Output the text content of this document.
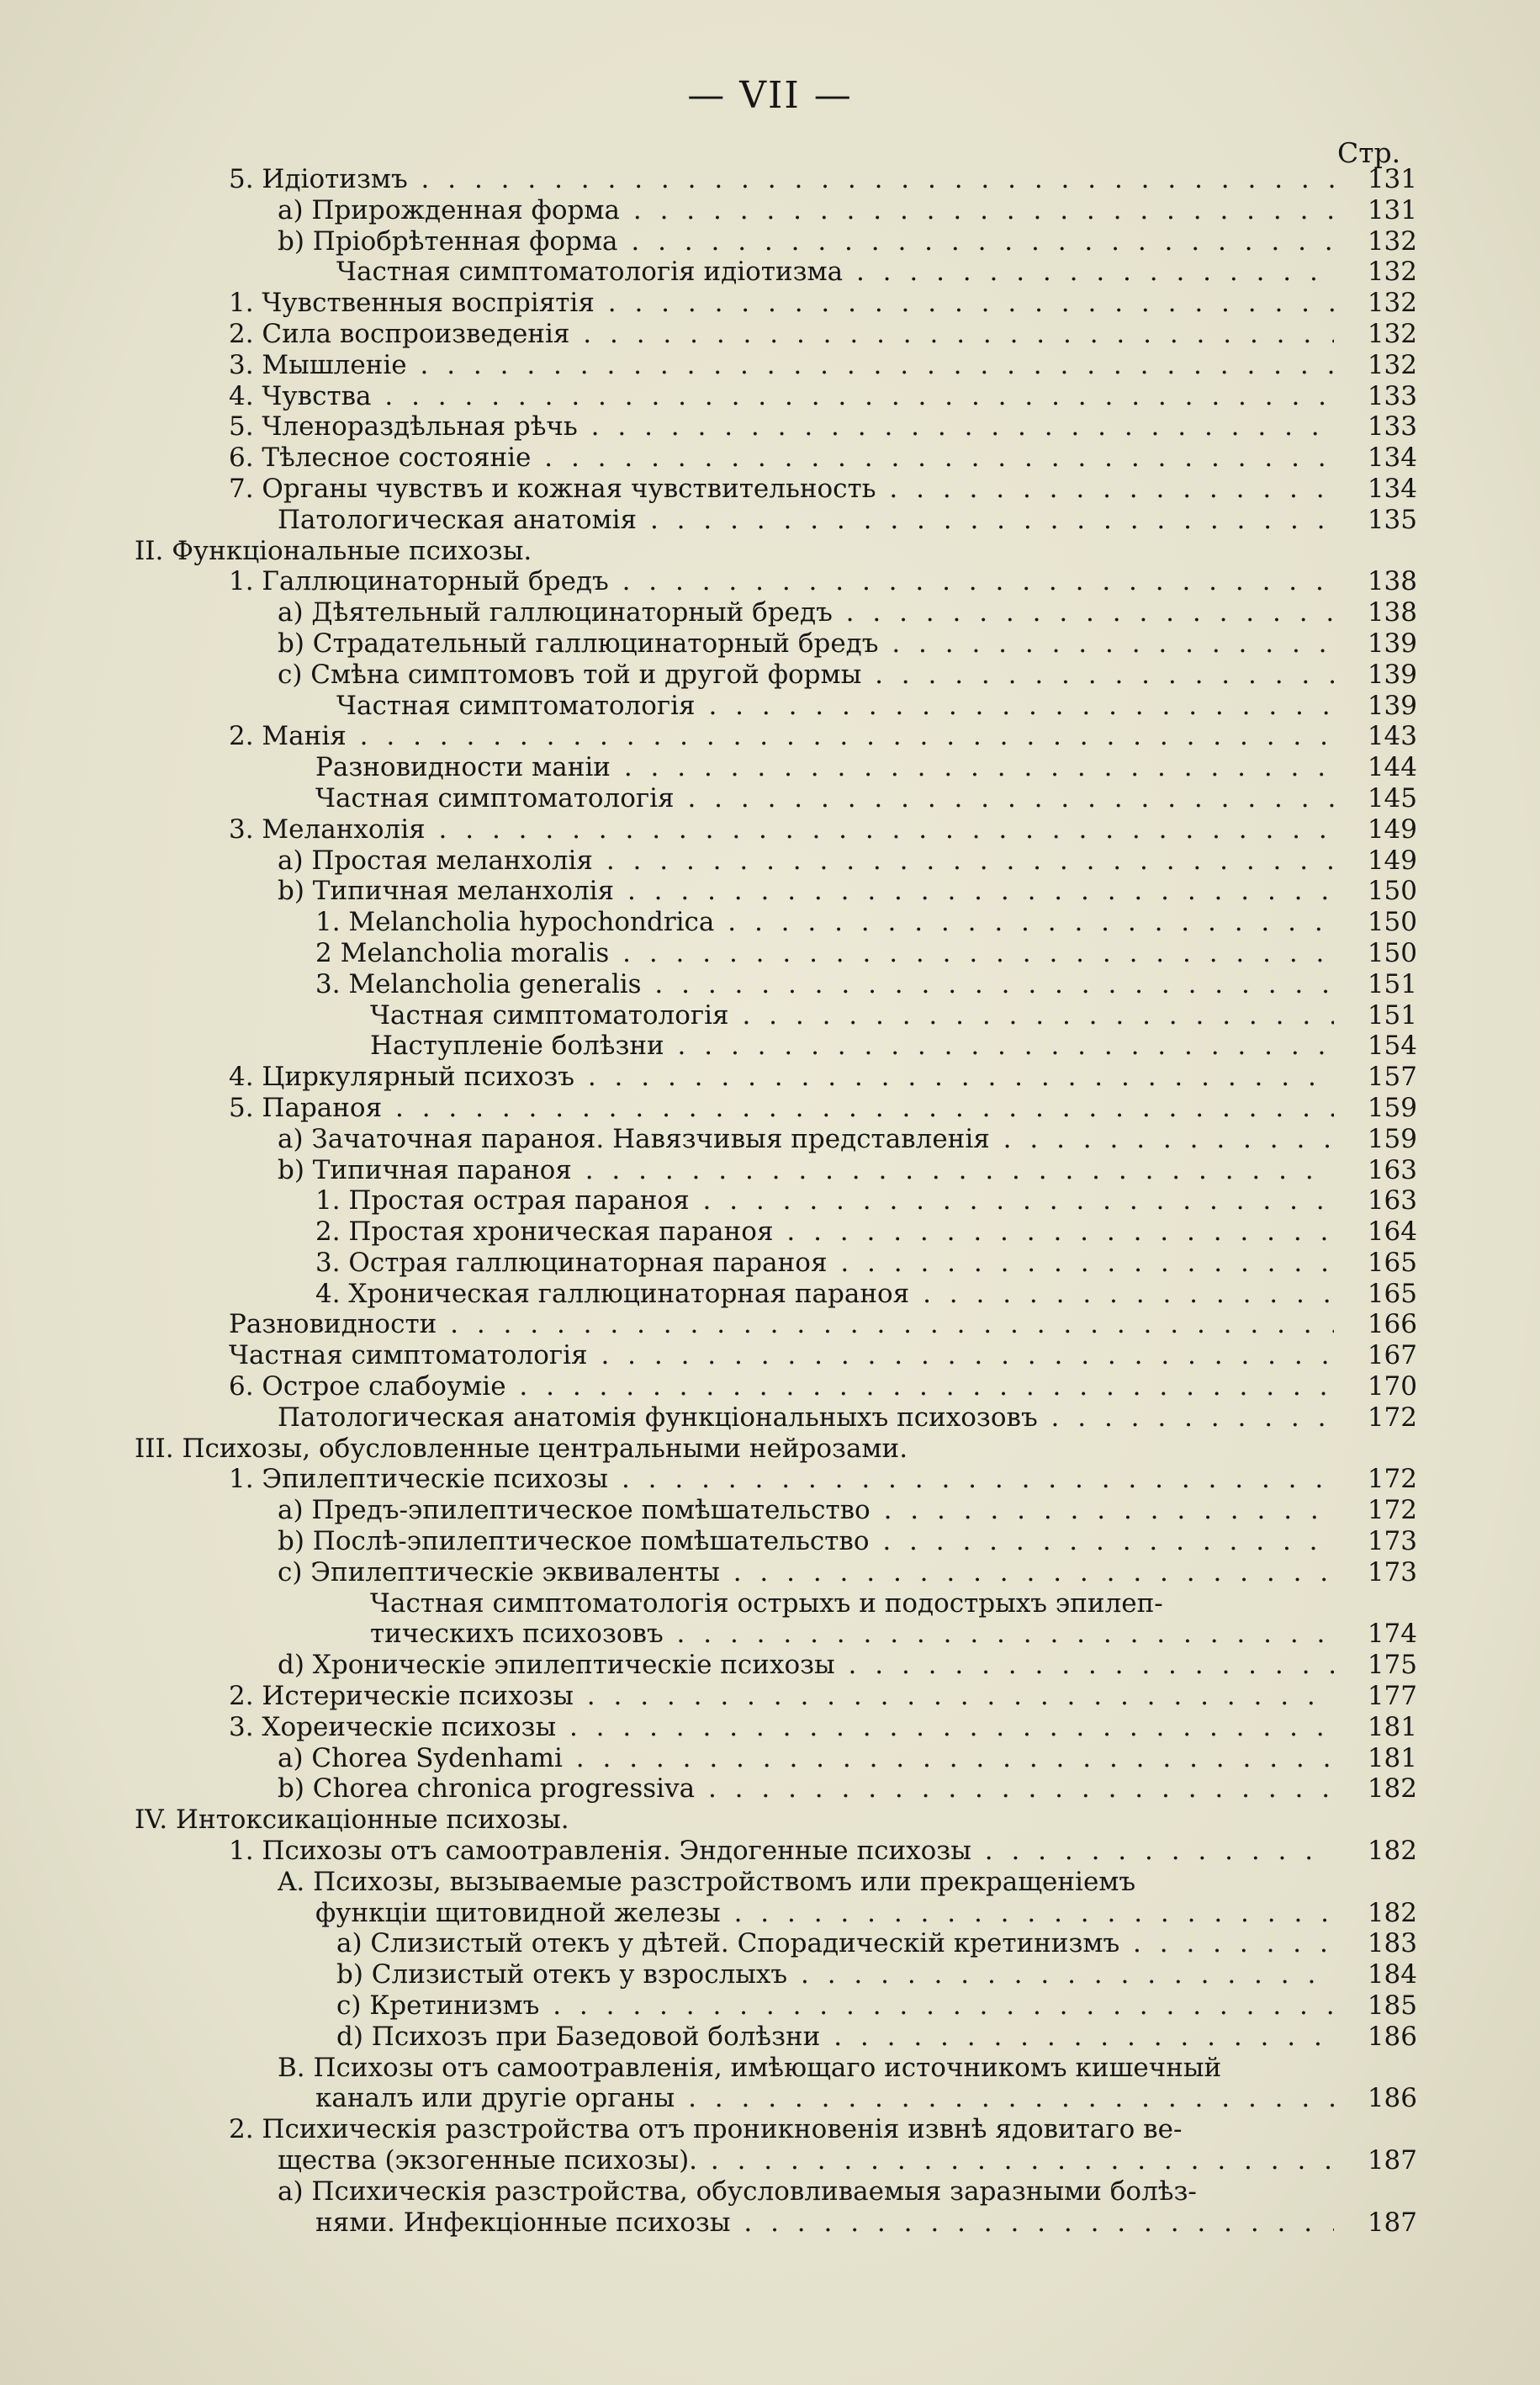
— VII —
Стр.
5. Идiотизмъ . . .	131
a) Прирожденная форма . . .	131
b) Прiобрѣтенная форма . . .	132
Частная симптоматологiя идiотизма . . .	132
1. Чувственныя воспрiятiя . . .	132
2. Сила воспроизведенiя . . .	132
3. Мышленiе . . .	132
4. Чувства . . .	133
5. Членораздѣльная рѣчь . . .	133
6. Тѣлесное состоянiе . . .	134
7. Органы чувствъ и кожная чувствительность . . .	134
Патологическая анатомiя . . .	135
II. Функцiональные психозы.
1. Галлюцинаторный бредъ . . .	138
a) Дѣятельный галлюцинаторный бредъ . . .	138
b) Страдательный галлюцинаторный бредъ . . .	139
c) Смѣна симптомовъ той и другой формы . . .	139
Частная симптоматологiя . . .	139
2. Манiя . . .	143
Разновидности манiи . . .	144
Частная симптоматологiя . . .	145
3. Меланхолiя . . .	149
a) Простая меланхолiя . . .	149
b) Типичная меланхолiя . . .	150
1. Melancholia hypochondrica . . .	150
2 Melancholia moralis . . .	150
3. Melancholia generalis . . .	151
Частная симптоматологiя . . .	151
Наступленiе болѣзни . . .	154
4. Циркулярный психозъ . . .	157
5. Параноя . . .	159
a) Зачаточная параноя. Навязчивыя представленiя . . .	159
b) Типичная параноя . . .	163
1. Простая острая параноя . . .	163
2. Простая хроническая параноя . . .	164
3. Острая галлюцинаторная параноя . . .	165
4. Хроническая галлюцинаторная параноя . . .	165
Разновидности . . .	166
Частная симптоматологiя . . .	167
6. Острое слабоумiе . . .	170
Патологическая анатомiя функцiональныхъ психозовъ . . .	172
III. Психозы, обусловленные центральными нейрозами.
1. Эпилептическiе психозы . . .	172
a) Предъ-эпилептическое помѣшательство . . .	172
b) Послѣ-эпилептическое помѣшательство . . .	173
c) Эпилептическiе эквиваленты . . .	173
Частная симптоматологiя острыхъ и подострыхъ эпилеп-
тическихъ психозовъ . . .	174
d) Хроническiе эпилептическiе психозы . . .	175
2. Истерическiе психозы . . .	177
3. Хореическiе психозы . . .	181
a) Chorea Sydenhami . . .	181
b) Chorea chronica progressiva . . .	182
IV. Интоксикацiонные психозы.
1. Психозы отъ самоотравленiя. Эндогенные психозы . . .	182
A. Психозы, вызываемые разстройствомъ или прекращенiемъ
функцiи щитовидной железы . . .	182
a) Слизистый отекъ у дѣтей. Спорадическiй кретинизмъ . . .	183
b) Слизистый отекъ у взрослыхъ . . .	184
c) Кретинизмъ . . .	185
d) Психозъ при Базедовой болѣзни . . .	186
B. Психозы отъ самоотравленiя, имѣющаго источникомъ кишечный
каналъ или другiе органы . . .	186
2. Психическiя разстройства отъ проникновенiя извнѣ ядовитаго ве-
щества (экзогенные психозы). . . .	187
a) Психическiя разстройства, обусловливаемыя заразными болѣз-
нями. Инфекцiонные психозы . . .	187
